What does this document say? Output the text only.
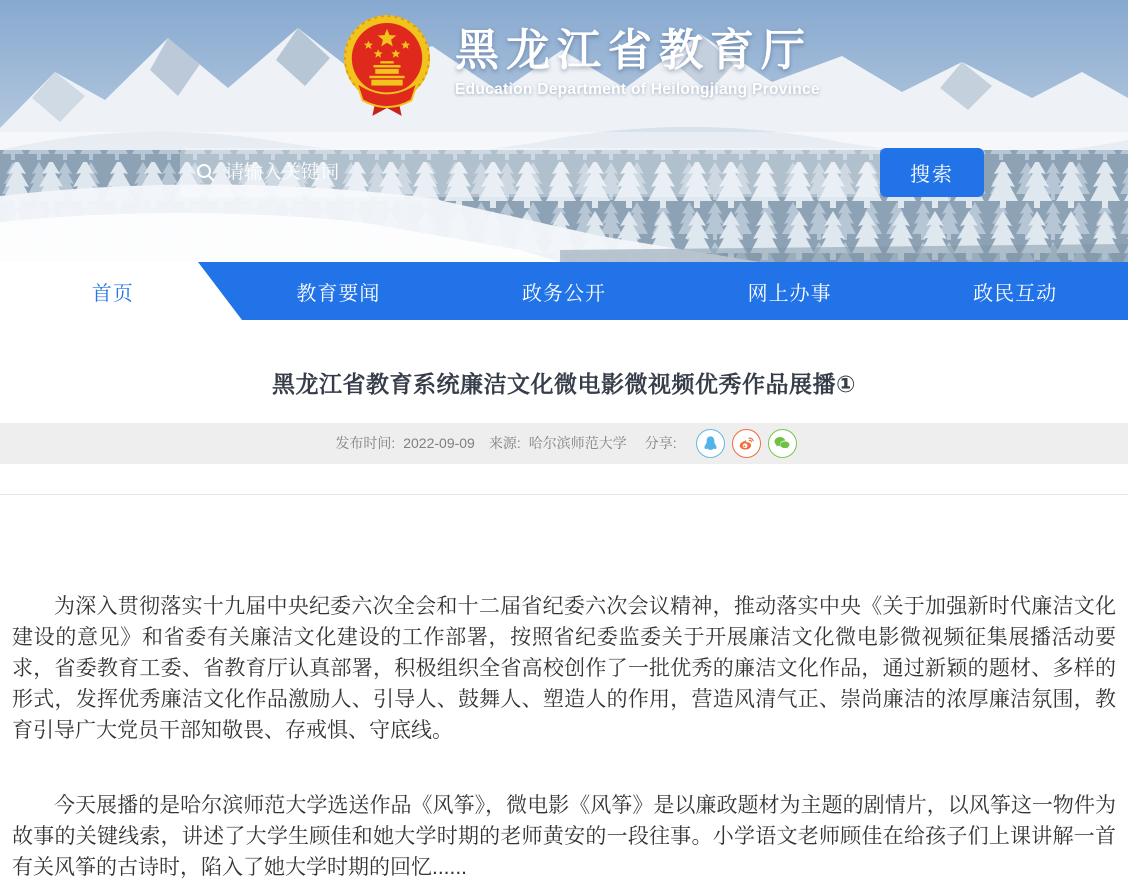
黑龙江省教育厅
Education Department of Heilongjiang Province
请输入关键词
搜索
首页	教育要闻	政务公开	网上办事	政民互动
黑龙江省教育系统廉洁文化微电影微视频优秀作品展播①
发布时间: 2022-09-09 来源: 哈尔滨师范大学 分享:

为深入贯彻落实十九届中央纪委六次全会和十二届省纪委六次会议精神，推动落实中央《关于加强新时代廉洁文化建设的意见》和省委有关廉洁文化建设的工作部署，按照省纪委监委关于开展廉洁文化微电影微视频征集展播活动要求，省委教育工委、省教育厅认真部署，积极组织全省高校创作了一批优秀的廉洁文化作品，通过新颖的题材、多样的形式，发挥优秀廉洁文化作品激励人、引导人、鼓舞人、塑造人的作用，营造风清气正、崇尚廉洁的浓厚廉洁氛围，教育引导广大党员干部知敬畏、存戒惧、守底线。

今天展播的是哈尔滨师范大学选送作品《风筝》，微电影《风筝》是以廉政题材为主题的剧情片，以风筝这一物件为故事的关键线索，讲述了大学生顾佳和她大学时期的老师黄安的一段往事。小学语文老师顾佳在给孩子们上课讲解一首有关风筝的古诗时，陷入了她大学时期的回忆......
